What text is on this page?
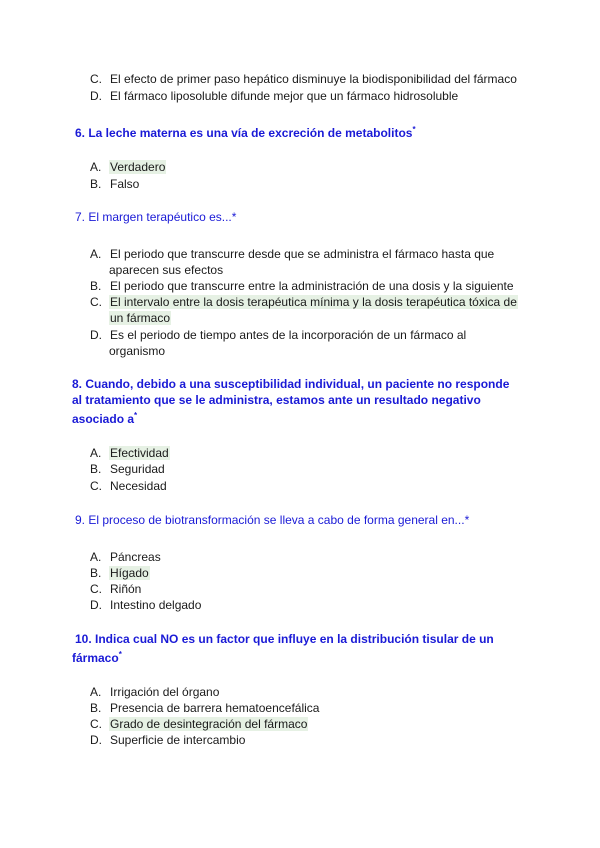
C. El efecto de primer paso hepático disminuye la biodisponibilidad del fármaco
D. El fármaco liposoluble difunde mejor que un fármaco hidrosoluble
6. La leche materna es una vía de excreción de metabolitos*
A. Verdadero
B. Falso
7. El margen terapéutico es...*
A. El periodo que transcurre desde que se administra el fármaco hasta que
aparecen sus efectos
B. El periodo que transcurre entre la administración de una dosis y la siguiente
C. El intervalo entre la dosis terapéutica mínima y la dosis terapéutica tóxica de
un fármaco
D. Es el periodo de tiempo antes de la incorporación de un fármaco al
organismo
8. Cuando, debido a una susceptibilidad individual, un paciente no responde
al tratamiento que se le administra, estamos ante un resultado negativo
asociado a*
A. Efectividad
B. Seguridad
C. Necesidad
9. El proceso de biotransformación se lleva a cabo de forma general en...*
A. Páncreas
B. Hígado
C. Riñón
D. Intestino delgado
10. Indica cual NO es un factor que influye en la distribución tisular de un
fármaco*
A. Irrigación del órgano
B. Presencia de barrera hematoencefálica
C. Grado de desintegración del fármaco
D. Superficie de intercambio
